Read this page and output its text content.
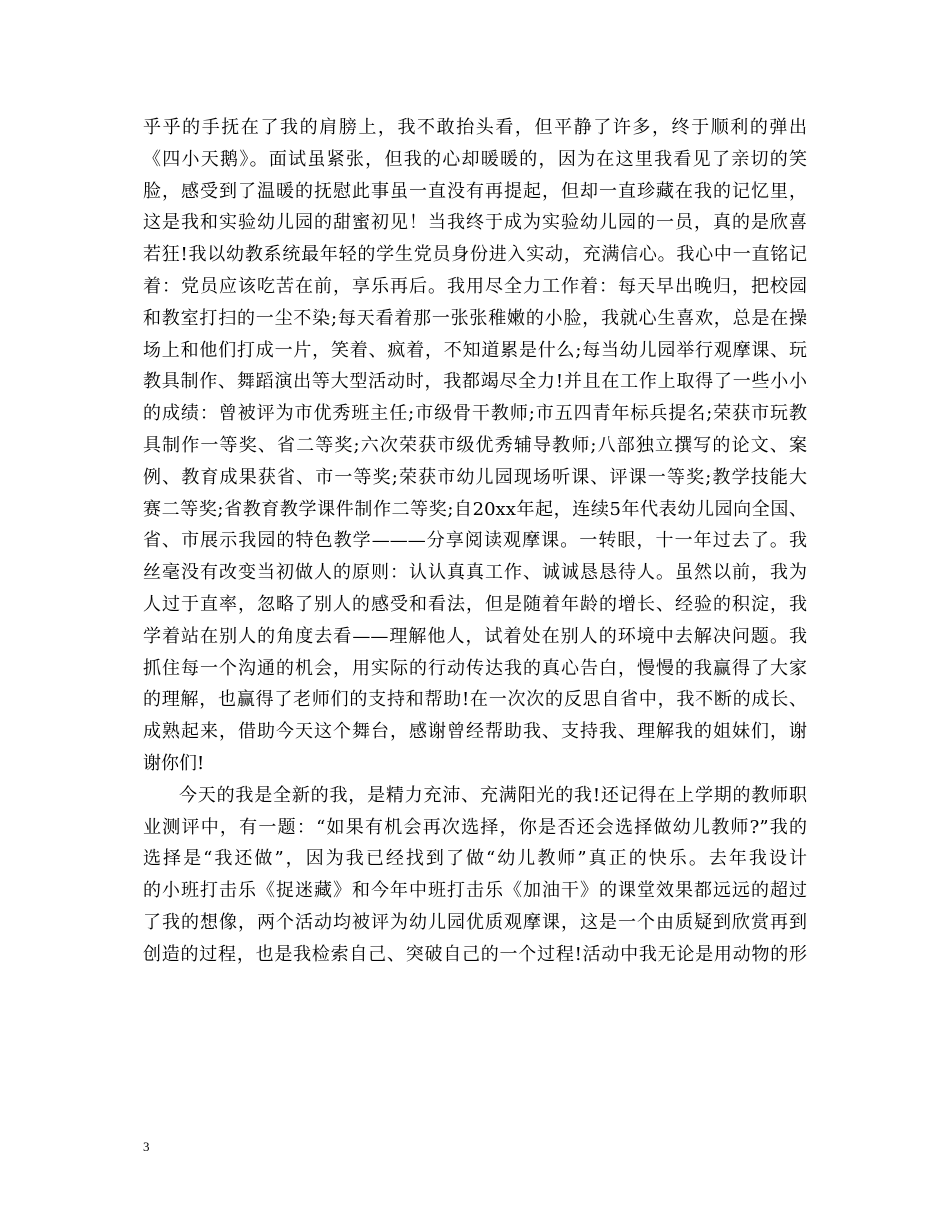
乎乎的手抚在了我的肩膀上，我不敢抬头看，但平静了许多，终于顺利的弹出
《四小天鹅》。面试虽紧张，但我的心却暖暖的，因为在这里我看见了亲切的笑
脸，感受到了温暖的抚慰此事虽一直没有再提起，但却一直珍藏在我的记忆里，
这是我和实验幼儿园的甜蜜初见！当我终于成为实验幼儿园的一员，真的是欣喜
若狂!我以幼教系统最年轻的学生党员身份进入实动，充满信心。我心中一直铭记
着：党员应该吃苦在前，享乐再后。我用尽全力工作着：每天早出晚归，把校园
和教室打扫的一尘不染;每天看着那一张张稚嫩的小脸，我就心生喜欢，总是在操
场上和他们打成一片，笑着、疯着，不知道累是什么;每当幼儿园举行观摩课、玩
教具制作、舞蹈演出等大型活动时，我都竭尽全力!并且在工作上取得了一些小小
的成绩：曾被评为市优秀班主任;市级骨干教师;市五四青年标兵提名;荣获市玩教
具制作一等奖、省二等奖;六次荣获市级优秀辅导教师;八部独立撰写的论文、案
例、教育成果获省、市一等奖;荣获市幼儿园现场听课、评课一等奖;教学技能大
赛二等奖;省教育教学课件制作二等奖;自20xx年起，连续5年代表幼儿园向全国、
省、市展示我园的特色教学———分享阅读观摩课。一转眼，十一年过去了。我
丝毫没有改变当初做人的原则：认认真真工作、诚诚恳恳待人。虽然以前，我为
人过于直率，忽略了别人的感受和看法，但是随着年龄的增长、经验的积淀，我
学着站在别人的角度去看——理解他人，试着处在别人的环境中去解决问题。我
抓住每一个沟通的机会，用实际的行动传达我的真心告白，慢慢的我赢得了大家
的理解，也赢得了老师们的支持和帮助!在一次次的反思自省中，我不断的成长、
成熟起来，借助今天这个舞台，感谢曾经帮助我、支持我、理解我的姐妹们，谢
谢你们!
今天的我是全新的我，是精力充沛、充满阳光的我!还记得在上学期的教师职
业测评中，有一题：“如果有机会再次选择，你是否还会选择做幼儿教师?”我的
选择是“我还做”，因为我已经找到了做“幼儿教师”真正的快乐。去年我设计
的小班打击乐《捉迷藏》和今年中班打击乐《加油干》的课堂效果都远远的超过
了我的想像，两个活动均被评为幼儿园优质观摩课，这是一个由质疑到欣赏再到
创造的过程，也是我检索自己、突破自己的一个过程!活动中我无论是用动物的形
3
